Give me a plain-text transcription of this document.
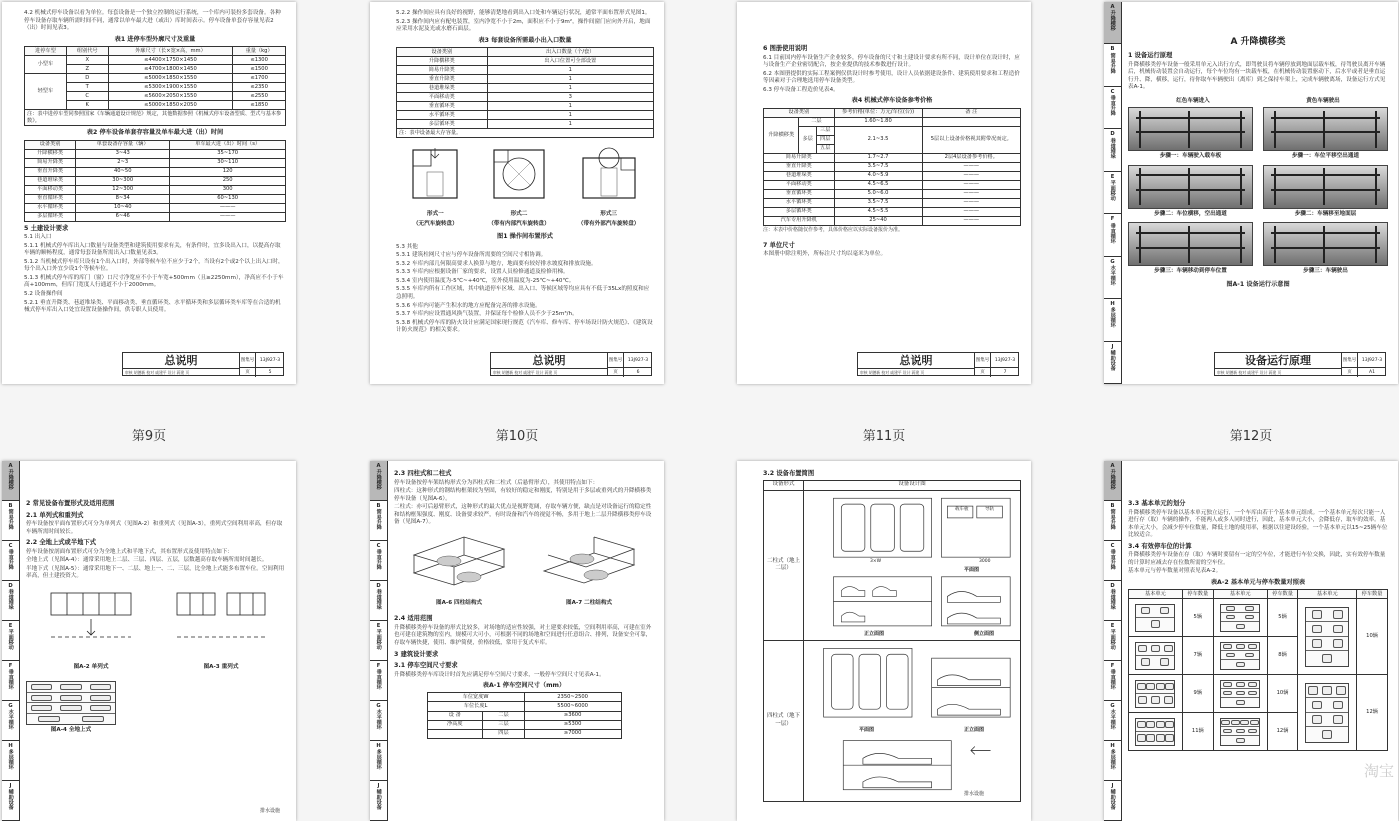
4.2 机械式停车设备以看为单位。每套设备是一个独立控制的运行系统，一个库内可装扮多套设备。各种停车设备存取车辆所需时间不同，通常以单车最大进（或出）库时间表示。停车设备单套存容量见表2（出）时间见表3。
表1 进停车型外廓尺寸及重量
进停车型	组别代号	外廓尺寸（长×宽×高，mm）	重量（kg）
小型车	X	≤4400×1750×1450	≤1300
	Z	≤4700×1800×1450	≤1500
轻型车	D	≤5000×1850×1550	≤1700
	T	≤5300×1900×1550	≤2350
	C	≤5600×2050×1550	≤2550
	K	≤5000×1850×2050	≤1850
注：表中进停车型同参照国家《车辆通道设计规范》规定，其他数据参照《机械式停车设备型质、型式与基本参数》。			
表2 停车设备单套存容量及单车最大进（出）时间
设备类别	单套设备存容量（辆）	单车最大进（出）时间（s）
升降横移类	3~43	35~170
简易升降类	2~3	30~110
垂直升降类	40~50	120
巷道堆垛类	30~300	250
平面移动类	12~300	300
垂直循环类	8~34	60~130
水平循环类	10~40	———
多层循环类	6~46	———
5 土建设计要求
5.1 出入口
5.1.1 机械式停车库出入口数量与设备类型和建筑使用要求有关，有条件时，宜多设出入口，以提高存取车辆的顺畅程度，通常每套设备所需出入口数量见表3。
5.1.2 当机械式停车库只设有1个出入口时，外部等候车位不应少于2个，当设有2个或2个以上出入口时，每个出入口外宜少设1个等候车位。
5.1.3 机械式停车库的库门（窗）口尺寸净宽应不小于车宽+500mm（且≥2250mm），净高应不小于车高+100mm，但库门宽度人行通道不小于2000mm。
5.2 设备操作间
5.2.1 垂直升降类、巷道堆垛类、平面移动类、垂直循环类、水平循环类和多层循环类车库等在合适的机械式停车库出入口处宜设置设备操作间，供专职人员使用。
总说明
审核 胡德新 校对 戚建平 设计 蒋建 页
图集号	13J927-3
页	5
第9页
5.2.2 操作间应具有良好的视野，能够清楚地看到出入口处和车辆运行状况，通常平面布置形式见图1。
5.2.3 操作间内应有配电装置，室内净宽不小于2m，面积应不小于9m²，操作间窗门应向外开启，地面应采用水泥及光或水磨石面层。
表3 每套设备所需最小出入口数量
设备类别	出入口数量（个/套）
升降横移类	出入口位置可全部设置
简易升降类	1
垂直升降类	1
巷道堆垛类	1
平面移动类	3
垂直循环类	1
水平循环类	1
多层循环类	1
注：表中设备最大存容量。	
形式一
（无汽车旋转盘）
形式二
（带有内部汽车旋转盘）
形式三
（带有外部汽车旋转盘）
图1 操作间布置形式
5.3 其他
5.3.1 建筑柱网尺寸应与停车设备所需要的空间尺寸相协调。
5.3.2 车库内部几何限高要求人换算与地方，地面要有较好排水坡度和排放设施。
5.3.3 车库内应根据设备厂家的要求，设置人员检修通道及检修用梯。
5.3.4 室内使用温度为-5℃~+40℃，室外使用温度为-25℃~+40℃。
5.3.5 车库内所有工作区域，其中轨道停车区域、出入口、等候区域等均应具有不低于35Lx的照度和应急照明。
5.3.6 车库内可能产生积水的地方应配备完善的排水设施。
5.3.7 车库内应设置通风换气装置，并保证每个检修人员不少于25m³/h。
5.3.8 机械式停车库的防火设计应满足国家现行规范《汽车库、修车库、停车场设计防火规范》、《建筑设计防火规范》的相关要求。
总说明
审核 胡德新 校对 戚建平 设计 蒋建 页
图集号	13J927-3
页	6
第10页
6 图册使用说明
6.1 目前国内停车设备生产企业较多，停车设备的尺寸和土建设计要求有所不同，设计单位在设计时，应与设备生产企业密切配合，按企业提供的技术参数进行设计。
6.2 本图册提供的实际工程案例仅供设计时参考使用，设计人员依据建设条件、建筑使用要求和工程造价等因素对于合理地选用停车设备类型。
6.3 停车设备工程造价见表4。
表4 机械式停车设备参考价格
设备类别			参考价格(单位：万元/车位(台))	备 注
升降横移类	二层		1.60~1.80	
	多层	三层	2.1~3.5	5层以上设备价格视其附带况而定。
		四层		
		五层		
简易升降类			1.7~2.7	2层4层设备参考价格。
垂直升降类			3.5~7.5	———
巷道堆垛类			4.0~5.9	———
平面移动类			4.5~6.5	———
垂直循环类			5.0~6.0	———
水平循环类			3.5~7.5	———
多层循环类			4.5~5.5	———
汽车专用升降机			25~40	———
注：本表中价格随仅作参考，具体价格应以实际设备报价为准。
7 单位尺寸
本图册中除注明外，所标注尺寸均以毫米为单位。
总说明
审核 胡德新 校对 戚建平 设计 蒋建 页
图集号	13J927-3
页	7
第11页
A
升降横移
B
简易升降
C
垂直升降
D
巷道堆垛
E
平面移动
F
垂直循环
G
水平循环
H
多层循环
J
辅助设备
A 升降横移类
1 设备运行原理
升降横移类停车设备一般采用单元入出行方式，即驾驶员将车辆停放到地面层载车板，待驾驶员离开车辆后，机械传动装置会自动运行，每个车位均有一块载车板，在机械传动装置驱动下，后水平或者是垂直运行升、降，横移，运行，待你取车车辆驶出（离库）到之保持车架上，完成车辆驶离场，设备运行方式见表A-1。
红色车辆进入	黄色车辆驶出
步骤一：车辆驶入载车板	步骤一：车位平移空出通道
步骤二：车位横移，空出通道	步骤二：车辆移至地面层
步骤三：车辆移动到停车位置	步骤三：车辆驶出
图A-1 设备运行示意图
设备运行原理
审核 胡德新 校对 戚建平 设计 蒋建 页
图集号	13J927-3
页	A1
第12页
A
升降横移
B
简易升降
C
垂直升降
D
巷道堆垛
E
平面移动
F
垂直循环
G
水平循环
H
多层循环
J
辅助设备
2 常见设备布置形式及适用范围
2.1 单列式和重列式
停车设备按平面布置形式可分为单列式（见图A-2）和重列式（见图A-3），重列式空间利用率高，但存取车辆所需时间较长。
2.2 全地上式或半地下式
停车设备按剖面布置形式可分为全地上式和半地下式，其布置形式及使用特点如下：
全地上式（见图A-4）：通常采用地上二层、三层、四层、五层，层数越高存取车辆所需时间越长。
半地下式（见图A-5）：通常采用地下一、二层、地上一、二、三层，比全地上式能多布置车位。空间利用率高，但土建投资大。
图A-2 单列式	图A-3 重列式
图A-4 全地上式
排水设施
A
升降横移
B
简易升降
C
垂直升降
D
巷道堆垛
E
平面移动
F
垂直循环
G
水平循环
H
多层循环
J
辅助设备
2.3 四柱式和二柱式
停车设备按停车架结构形式分为四柱式和二柱式（后悬臂形式），其使用特点如下：
四柱式：这种形式的钢结构框架较为坚固，有较好的稳定和刚度，特别是用于多层或重列式的升降横移类停车设备（见图A-6）。
二柱式：亦可后悬臂形式，这种形式的最大优点是视野宽阔，存取车辆方便，缺点是对设备运行的稳定性和结构框架强度、刚度、设备要求较严，有时设备和汽车的视觉不畅，多用于地上二层升降横移类停车设备（见图A-7）。
图A-6 四柱结构式	图A-7 二柱结构式
2.4 适用范围
升降横移类停车设备的形式比较多，对场地的适应性较强，对土建要求较低，空间利用率高，可建在室外也可建在建筑物的室内，规模可大可小，可根据不同的场地和空间进行任意组合、排列，设备安全可靠，存取车辆快捷，使用、维护简便，价格较低，常用于复式车库。
3 建筑设计要求
3.1 停车空间尺寸要求
升降横移类停车库设计时首先应满足停车空间尺寸要求，一般停车空间尺寸见表A-1。
表A-1 停车空间尺寸（mm）
车位宽度W		2350~2500
车位长度L		5500~6000
设 备	二层	≥3600
净高度	三层	≥5300
	四层	≥7000
3.2 设备布置简图
设备形式	设备设计图
二柱式（地上二层）
3×W	3000
平面图
正立面图	侧立面图
载车板	导轨
四柱式（地下一层）
平面图	正立面图
排水设施
A
升降横移
B
简易升降
C
垂直升降
D
巷道堆垛
E
平面移动
F
垂直循环
G
水平循环
H
多层循环
J
辅助设备
3.3 基本单元的划分
升降横移类停车设备以基本单元独立运行，一个车库由若干个基本单元组成。一个基本单元每次只能一人进行存（取）车辆的操作，不能两人或多人同时进行，因此，基本单元大小，会降低存，取车的效率。基本单元大小，会减少停车位数量，降低土地的使用率，根据以往建设经验，一个基本单元以15~25辆车位比较适合。
3.4 有效停车位的计算
升降横移类停车设备在存（取）车辆时要留有一定的空车位，才能进行车位交换，因此，实有效停车数量的计算时应减去存在位数所需的空车位。
基本单元与停车数量对照表见表A-2。
表A-2 基本单元与停车数量对照表
基本单元	停车数量	基本单元	停车数量	基本单元	停车数量

	5辆		5辆		10辆

	7辆		8辆		

	9辆		10辆		12辆

	11辆		12辆		
淘宝
